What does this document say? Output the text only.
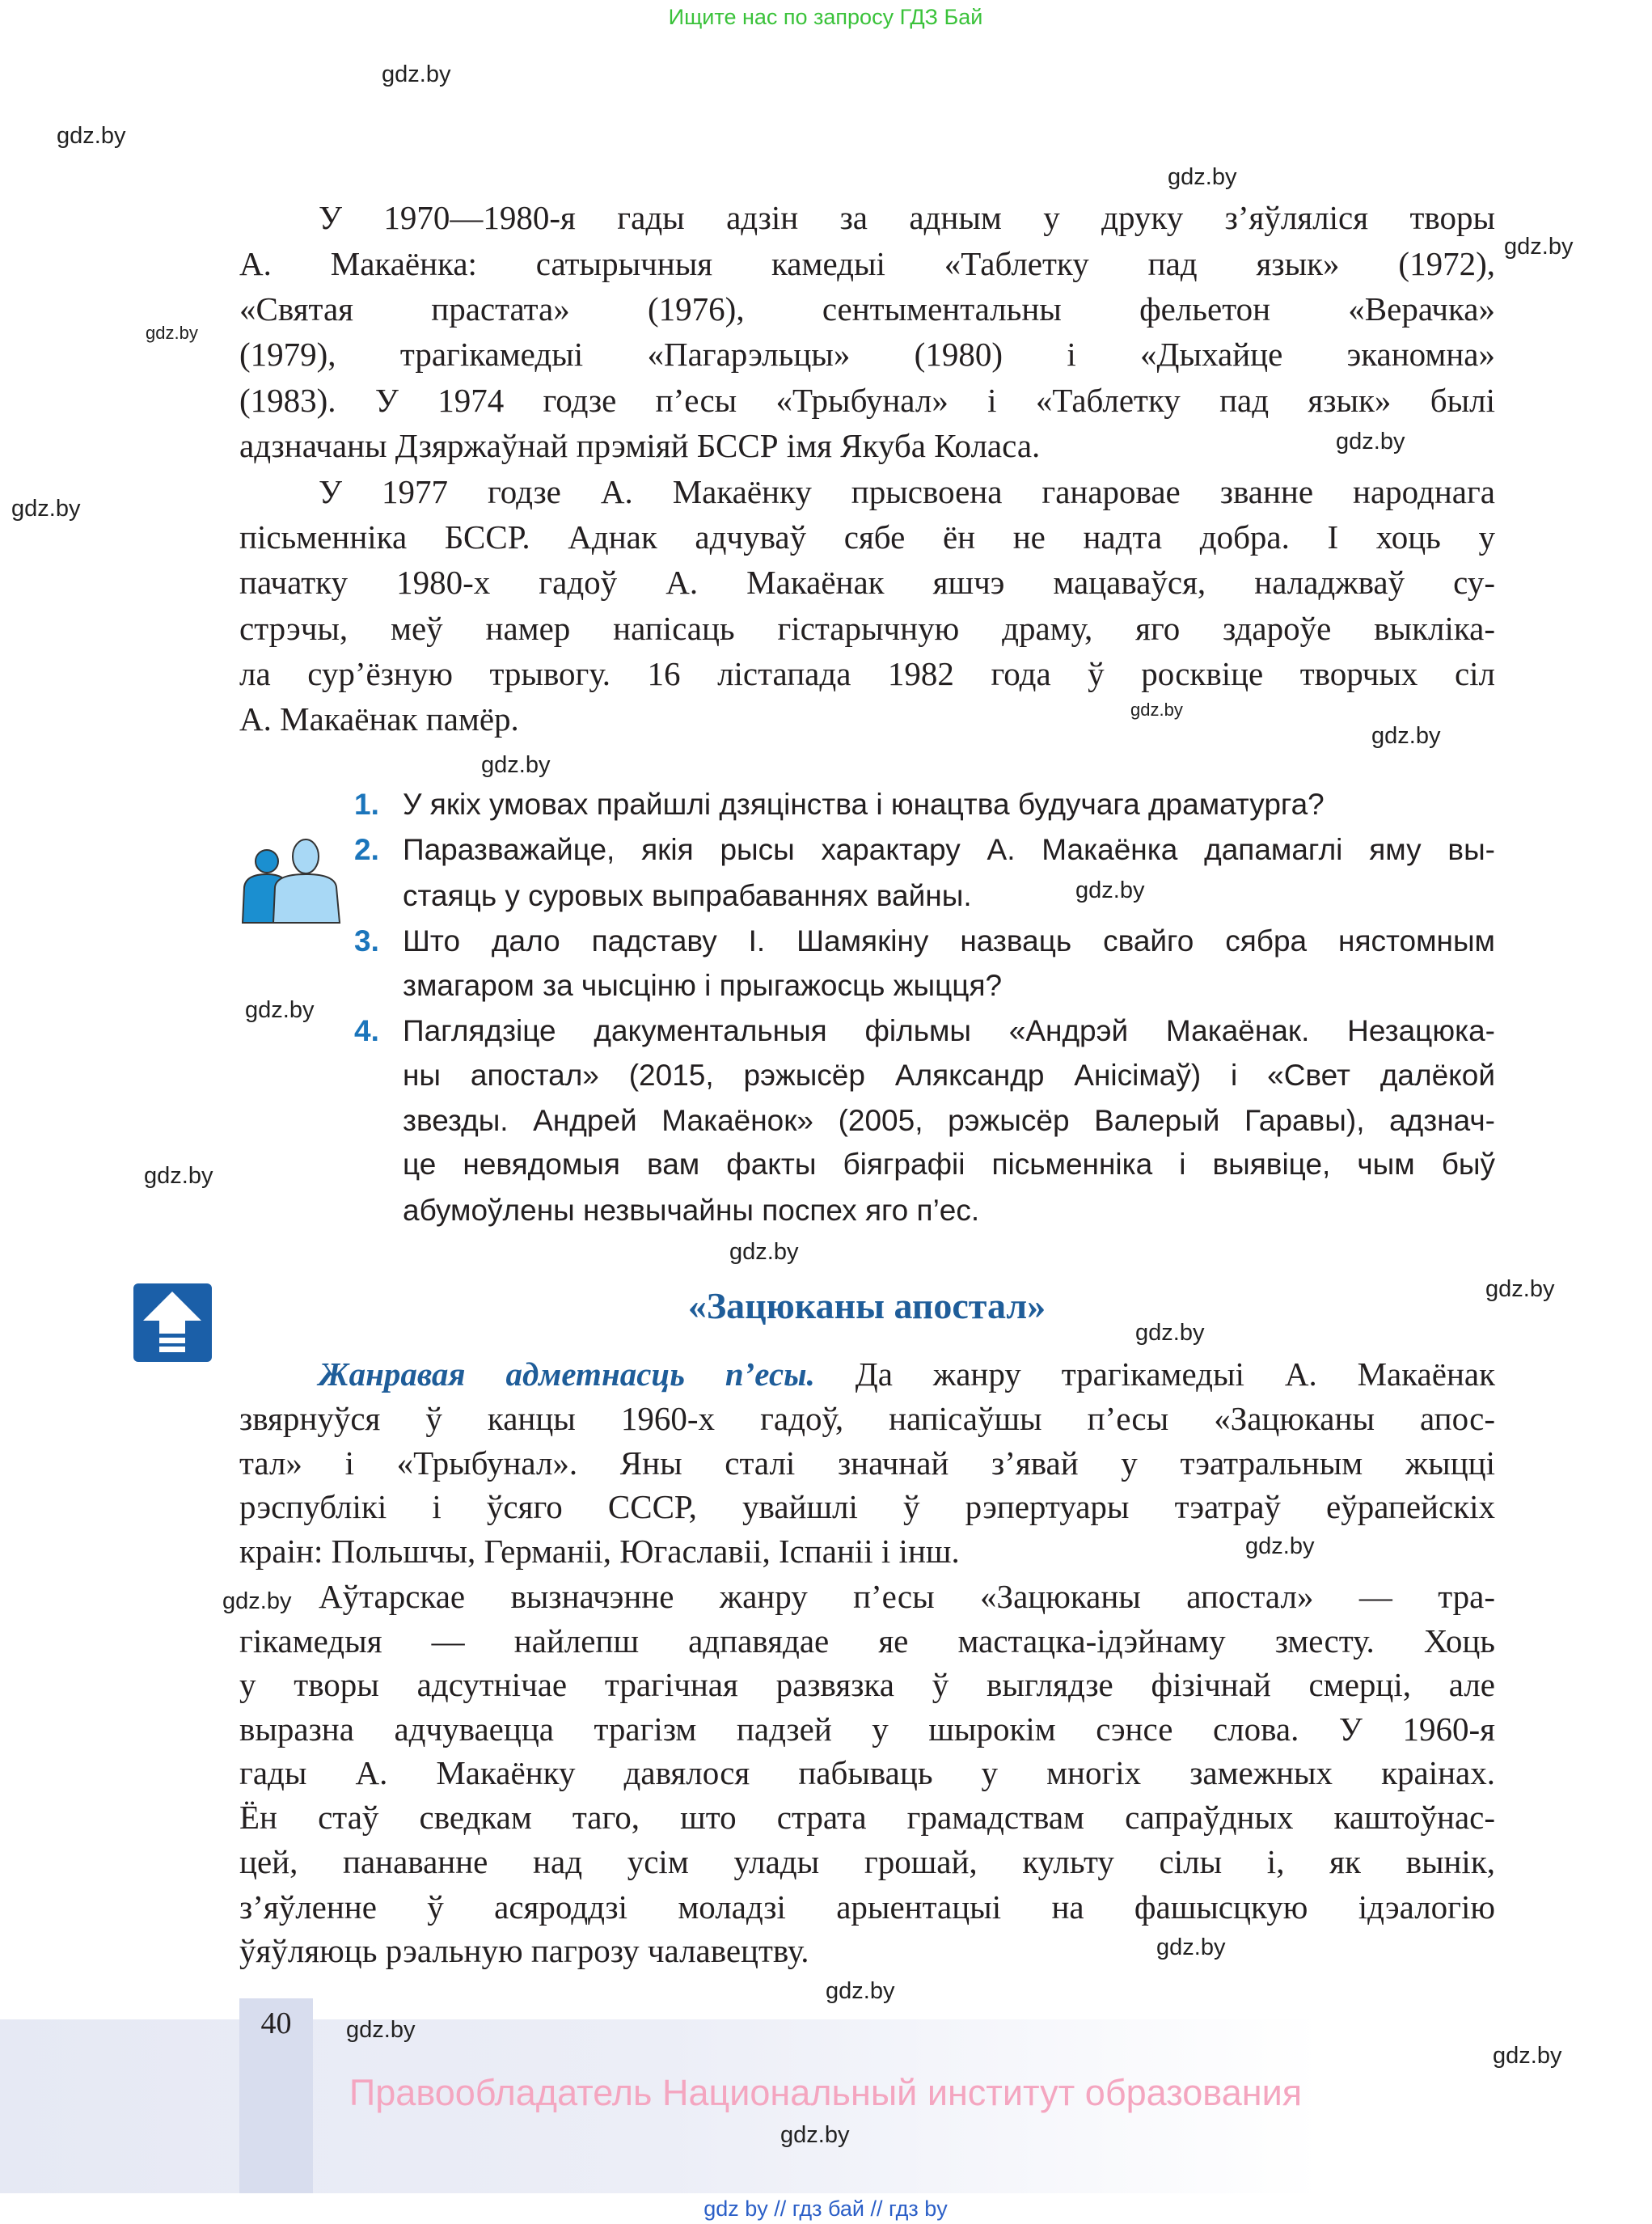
Ищите нас по запросу ГДЗ Бай
У 1970—1980-я гады адзін за адным у друку з’яўляліся творы
А. Макаёнка: сатырычныя камедыі «Таблетку пад язык» (1972),
«Святая прастата» (1976), сентыментальны фельетон «Верачка»
(1979), трагікамедыі «Пагарэльцы» (1980) і «Дыхайце эканомна»
(1983). У 1974 годзе п’есы «Трыбунал» і «Таблетку пад язык» былі
адзначаны Дзяржаўнай прэміяй БССР імя Якуба Коласа.
У 1977 годзе А. Макаёнку прысвоена ганаровае званне народнага
пісьменніка БССР. Аднак адчуваў сябе ён не надта добра. І хоць у
пачатку 1980-х гадоў А. Макаёнак яшчэ мацаваўся, наладжваў су-
стрэчы, меў намер напісаць гістарычную драму, яго здароўе выкліка-
ла сур’ёзную трывогу. 16 лістапада 1982 года ў росквіце творчых сіл
А. Макаёнак памёр.
1. У якіх умовах прайшлі дзяцінства і юнацтва будучага драматурга?
2. Паразважайце, якія рысы характару А. Макаёнка дапамаглі яму вы-
стаяць у суровых выпрабаваннях вайны.
3. Што дало падставу І. Шамякіну назваць свайго сябра нястомным
змагаром за чысціню і прыгажосць жыцця?
4. Паглядзіце дакументальныя фільмы «Андрэй Макаёнак. Незацюка-
ны апостал» (2015, рэжысёр Аляксандр Анісімаў) і «Свет далёкой
звезды. Андрей Макаёнок» (2005, рэжысёр Валерый Гаравы), адзнач-
це невядомыя вам факты біяграфіі пісьменніка і выявіце, чым быў
абумоўлены незвычайны поспех яго п’ес.
«Зацюканы апостал»
Жанравая адметнасць п’есы. Да жанру трагікамедыі А. Макаёнак
звярнуўся ў канцы 1960-х гадоў, напісаўшы п’есы «Зацюканы апос-
тал» і «Трыбунал». Яны сталі значнай з’явай у тэатральным жыцці
рэспублікі і ўсяго СССР, увайшлі ў рэпертуары тэатраў еўрапейскіх
краін: Польшчы, Германіі, Югаславіі, Іспаніі і інш.
Аўтарскае вызначэнне жанру п’есы «Зацюканы апостал» — тра-
гікамедыя — найлепш адпавядае яе мастацка-ідэйнаму зместу. Хоць
у творы адсутнічае трагічная развязка ў выглядзе фізічнай смерці, але
выразна адчуваецца трагізм падзей у шырокім сэнсе слова. У 1960-я
гады А. Макаёнку давялося пабываць у многіх замежных краінах.
Ён стаў сведкам таго, што страта грамадствам сапраўдных каштоўнас-
цей, панаванне над усім улады грошай, культу сілы і, як вынік,
з’яўленне ў асяроддзі моладзі арыентацыі на фашысцкую ідэалогію
ўяўляюць рэальную пагрозу чалавецтву.
40
Правообладатель Национальный институт образования
gdz by // гдз бай // гдз by
gdz.by
gdz.by
gdz.by
gdz.by
gdz.by
gdz.by
gdz.by
gdz.by
gdz.by
gdz.by
gdz.by
gdz.by
gdz.by
gdz.by
gdz.by
gdz.by
gdz.by
gdz.by
gdz.by
gdz.by
gdz.by
gdz.by
gdz.by
